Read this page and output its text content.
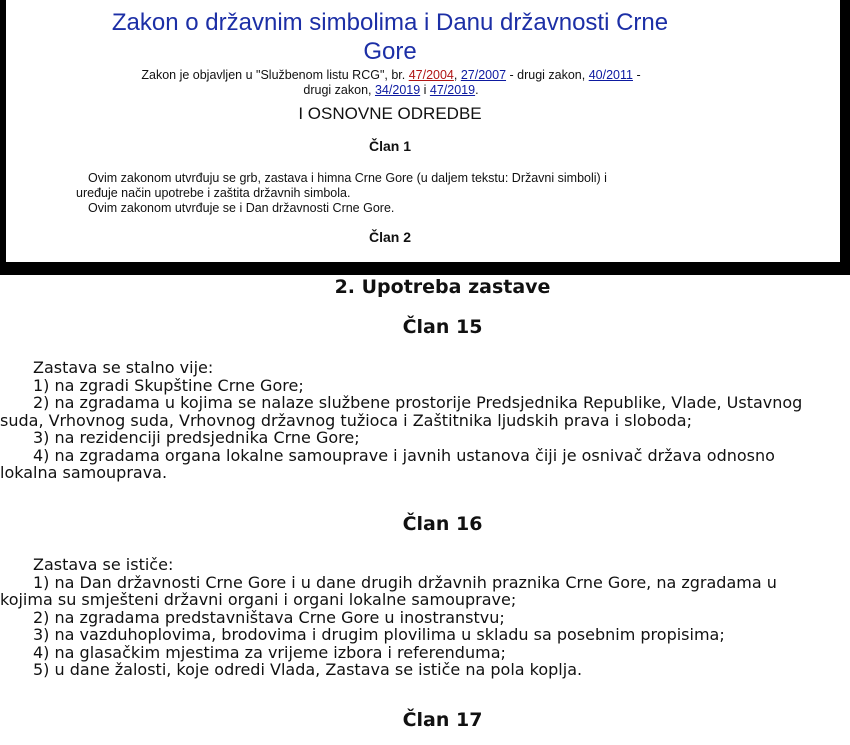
Zakon o državnim simbolima i Danu državnosti Crne
Gore
Zakon je objavljen u "Službenom listu RCG", br. 47/2004, 27/2007 - drugi zakon, 40/2011 -
drugi zakon, 34/2019 i 47/2019.
I OSNOVNE ODREDBE
Član 1
Ovim zakonom utvrđuju se grb, zastava i himna Crne Gore (u daljem tekstu: Državni simboli) i
uređuje način upotrebe i zaštita državnih simbola.
Ovim zakonom utvrđuje se i Dan državnosti Crne Gore.
Član 2
2. Upotreba zastave
Član 15
Zastava se stalno vije:
1) na zgradi Skupštine Crne Gore;
2) na zgradama u kojima se nalaze službene prostorije Predsjednika Republike, Vlade, Ustavnog
suda, Vrhovnog suda, Vrhovnog državnog tužioca i Zaštitnika ljudskih prava i sloboda;
3) na rezidenciji predsjednika Crne Gore;
4) na zgradama organa lokalne samouprave i javnih ustanova čiji je osnivač država odnosno
lokalna samouprava.
Član 16
Zastava se ističe:
1) na Dan državnosti Crne Gore i u dane drugih državnih praznika Crne Gore, na zgradama u
kojima su smješteni državni organi i organi lokalne samouprave;
2) na zgradama predstavništava Crne Gore u inostranstvu;
3) na vazduhoplovima, brodovima i drugim plovilima u skladu sa posebnim propisima;
4) na glasačkim mjestima za vrijeme izbora i referenduma;
5) u dane žalosti, koje odredi Vlada, Zastava se ističe na pola koplja.
Član 17
